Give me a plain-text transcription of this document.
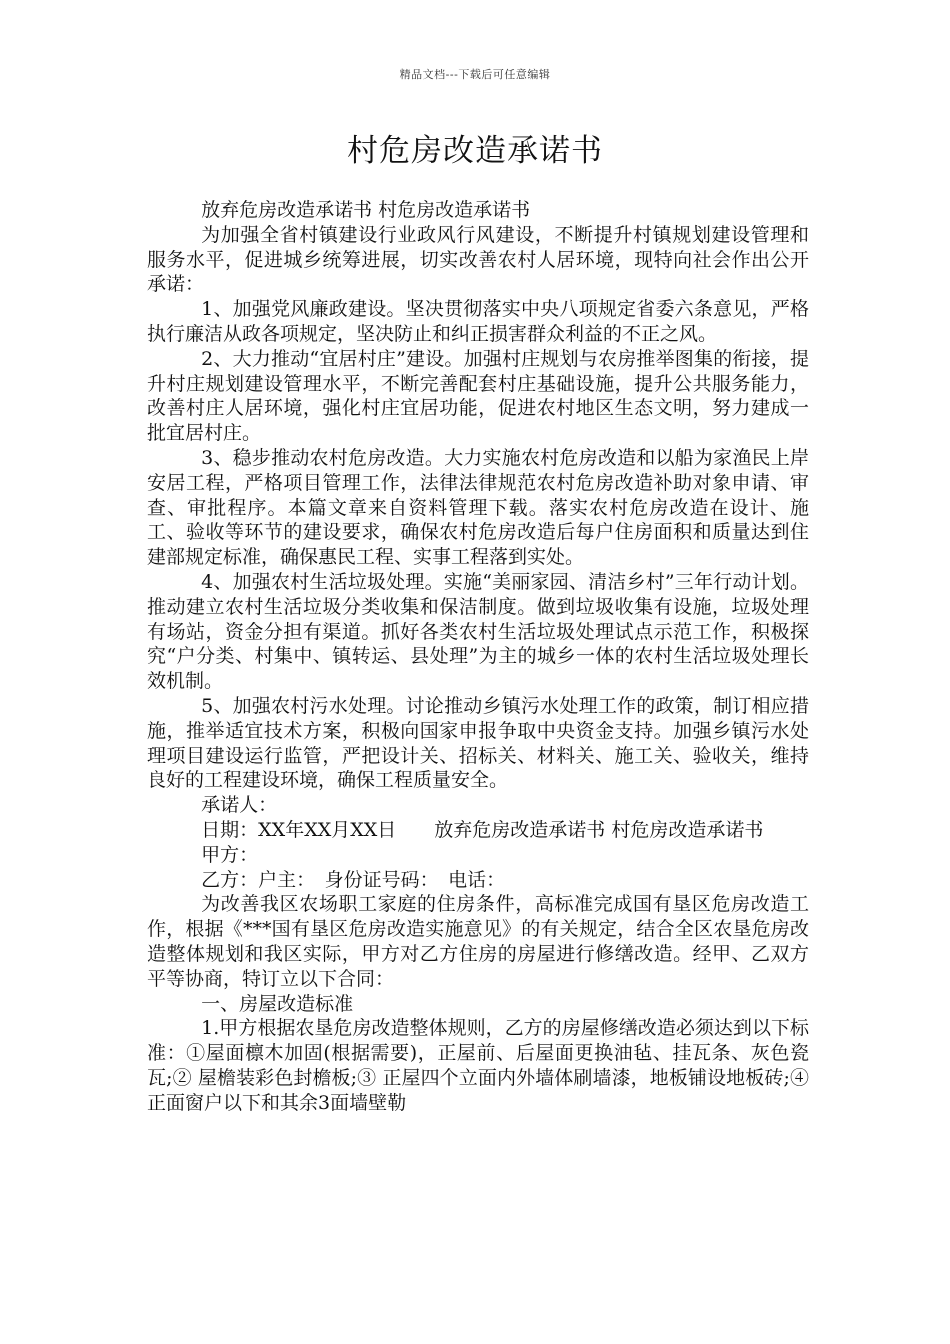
精品文档---下载后可任意编辑
村危房改造承诺书

放弃危房改造承诺书 村危房改造承诺书

为加强全省村镇建设行业政风行风建设，不断提升村镇规划建设管理和服务水平，促进城乡统筹进展，切实改善农村人居环境，现特向社会作出公开承诺：

1、加强党风廉政建设。坚决贯彻落实中央八项规定省委六条意见，严格执行廉洁从政各项规定，坚决防止和纠正损害群众利益的不正之风。

2、大力推动“宜居村庄”建设。加强村庄规划与农房推举图集的衔接，提升村庄规划建设管理水平，不断完善配套村庄基础设施，提升公共服务能力，改善村庄人居环境，强化村庄宜居功能，促进农村地区生态文明，努力建成一批宜居村庄。

3、稳步推动农村危房改造。大力实施农村危房改造和以船为家渔民上岸安居工程，严格项目管理工作，法律法律规范农村危房改造补助对象申请、审查、审批程序。本篇文章来自资料管理下载。落实农村危房改造在设计、施工、验收等环节的建设要求，确保农村危房改造后每户住房面积和质量达到住建部规定标准，确保惠民工程、实事工程落到实处。

4、加强农村生活垃圾处理。实施“美丽家园、清洁乡村”三年行动计划。推动建立农村生活垃圾分类收集和保洁制度。做到垃圾收集有设施，垃圾处理有场站，资金分担有渠道。抓好各类农村生活垃圾处理试点示范工作，积极探究“户分类、村集中、镇转运、县处理”为主的城乡一体的农村生活垃圾处理长效机制。

5、加强农村污水处理。讨论推动乡镇污水处理工作的政策，制订相应措施，推举适宜技术方案，积极向国家申报争取中央资金支持。加强乡镇污水处理项目建设运行监管，严把设计关、招标关、材料关、施工关、验收关，维持良好的工程建设环境，确保工程质量安全。

承诺人：

日期：XX年XX月XX日　　放弃危房改造承诺书 村危房改造承诺书

甲方：

乙方：户主：　身份证号码：　电话：

为改善我区农场职工家庭的住房条件，高标准完成国有垦区危房改造工作，根据《***国有垦区危房改造实施意见》的有关规定，结合全区农垦危房改造整体规划和我区实际，甲方对乙方住房的房屋进行修缮改造。经甲、乙双方平等协商，特订立以下合同：

一、房屋改造标准

1.甲方根据农垦危房改造整体规则，乙方的房屋修缮改造必须达到以下标准：①屋面檩木加固(根据需要)，正屋前、后屋面更换油毡、挂瓦条、灰色瓷瓦;② 屋檐装彩色封檐板;③ 正屋四个立面内外墙体刷墙漆，地板铺设地板砖;④ 正面窗户以下和其余3面墙壁勒
